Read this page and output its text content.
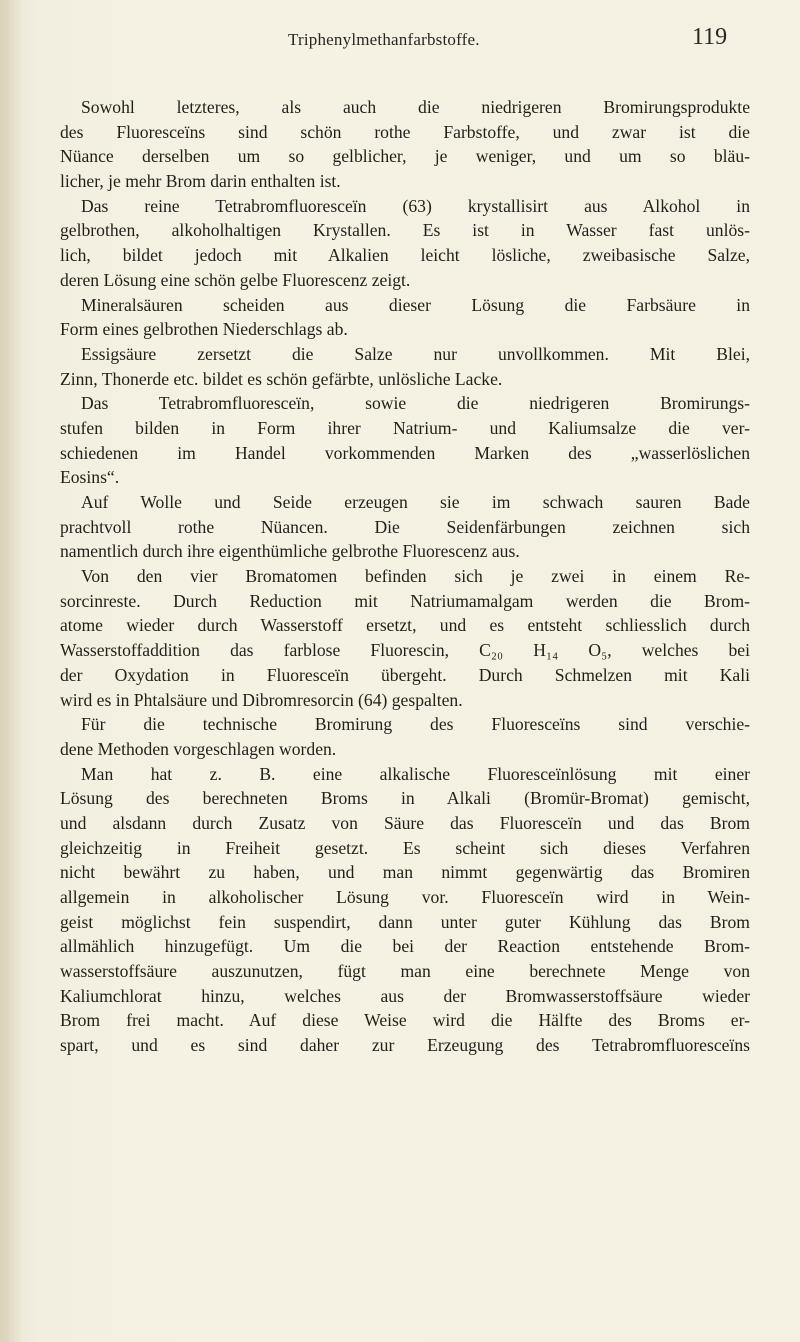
Triphenylmethanfarbstoffe.	119
Sowohl letzteres, als auch die niedrigeren Bromirungsprodukte
des Fluoresceïns sind schön rothe Farbstoffe, und zwar ist die
Nüance derselben um so gelblicher, je weniger, und um so bläu-
licher, je mehr Brom darin enthalten ist.
Das reine Tetrabromfluoresceïn (63) krystallisirt aus Alkohol in
gelbrothen, alkoholhaltigen Krystallen. Es ist in Wasser fast unlös-
lich, bildet jedoch mit Alkalien leicht lösliche, zweibasische Salze,
deren Lösung eine schön gelbe Fluorescenz zeigt.
Mineralsäuren scheiden aus dieser Lösung die Farbsäure in
Form eines gelbrothen Niederschlags ab.
Essigsäure zersetzt die Salze nur unvollkommen. Mit Blei,
Zinn, Thonerde etc. bildet es schön gefärbte, unlösliche Lacke.
Das Tetrabromfluoresceïn, sowie die niedrigeren Bromirungs-
stufen bilden in Form ihrer Natrium- und Kaliumsalze die ver-
schiedenen im Handel vorkommenden Marken des „wasserlöslichen
Eosins“.
Auf Wolle und Seide erzeugen sie im schwach sauren Bade
prachtvoll rothe Nüancen. Die Seidenfärbungen zeichnen sich
namentlich durch ihre eigenthümliche gelbrothe Fluorescenz aus.
Von den vier Bromatomen befinden sich je zwei in einem Re-
sorcinreste. Durch Reduction mit Natriumamalgam werden die Brom-
atome wieder durch Wasserstoff ersetzt, und es entsteht schliesslich durch
Wasserstoffaddition das farblose Fluorescin, C₂₀ H₁₄ O₅, welches bei
der Oxydation in Fluoresceïn übergeht. Durch Schmelzen mit Kali
wird es in Phtalsäure und Dibromresorcin (64) gespalten.
Für die technische Bromirung des Fluoresceïns sind verschie-
dene Methoden vorgeschlagen worden.
Man hat z. B. eine alkalische Fluoresceïnlösung mit einer
Lösung des berechneten Broms in Alkali (Bromür-Bromat) gemischt,
und alsdann durch Zusatz von Säure das Fluoresceïn und das Brom
gleichzeitig in Freiheit gesetzt. Es scheint sich dieses Verfahren
nicht bewährt zu haben, und man nimmt gegenwärtig das Bromiren
allgemein in alkoholischer Lösung vor. Fluoresceïn wird in Wein-
geist möglichst fein suspendirt, dann unter guter Kühlung das Brom
allmählich hinzugefügt. Um die bei der Reaction entstehende Brom-
wasserstoffsäure auszunutzen, fügt man eine berechnete Menge von
Kaliumchlorat hinzu, welches aus der Bromwasserstoffsäure wieder
Brom frei macht. Auf diese Weise wird die Hälfte des Broms er-
spart, und es sind daher zur Erzeugung des Tetrabromfluoresceïns
